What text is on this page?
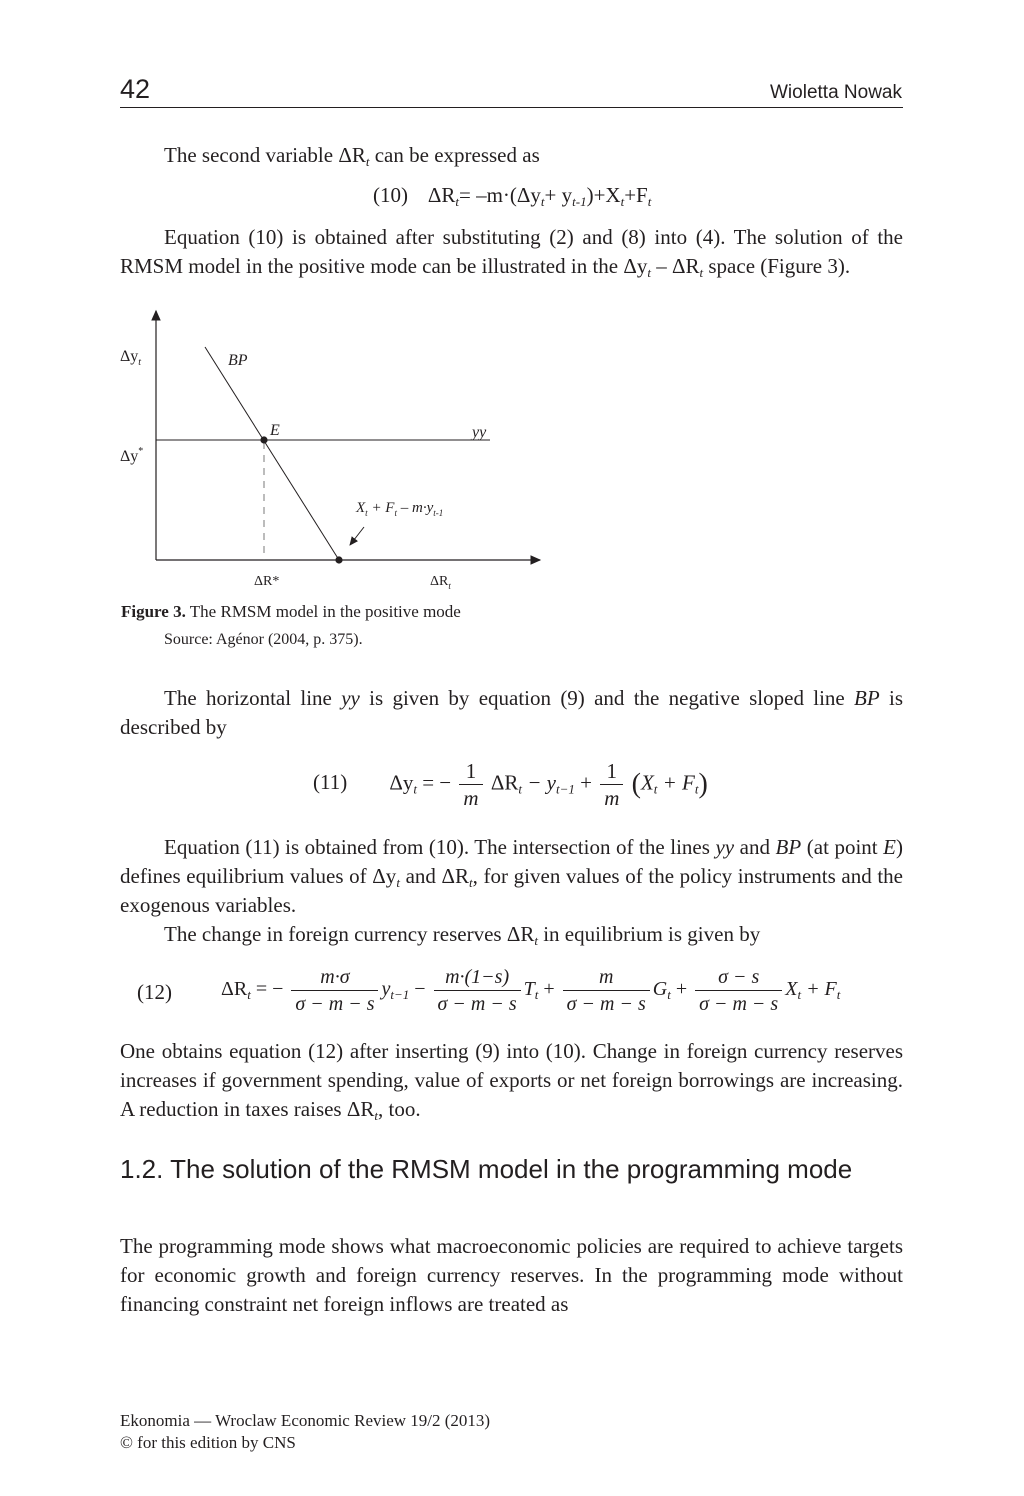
42	Wioletta Nowak
The second variable $\Delta R_t$ can be expressed as
(10) $\Delta R_t= -m\cdot(\Delta y_t+ y_{t-1})+X_t+F_t$
Equation (10) is obtained after substituting (2) and (8) into (4). The solution of the RMSM model in the positive mode can be illustrated in the $\Delta y_t - \Delta R_t$ space (Figure 3).
$\Delta y_t$
Δy*
BP
E	yy
$X_t + F_t - m\cdot y_{t-1}$
ΔR*	$\Delta R_t$
Figure 3. The RMSM model in the positive mode
Source: Agénor (2004, p. 375).
The horizontal line yy is given by equation (9) and the negative sloped line BP is described by
(11) $\Delta y_t$ = − $\frac{1}{m} \Delta R_t - y_{t-1} + \frac{1}{m} (X_t + F_t)$
Equation (11) is obtained from (10). The intersection of the lines yy and BP (at point E) defines equilibrium values of $\Delta y_t$ and $\Delta R_t$, for given values of the policy instruments and the exogenous variables.
The change in foreign currency reserves $\Delta R_t$ in equilibrium is given by
(12) $\Delta R_t$ = − $\frac{m\cdot\sigma}{\sigma - m - s} y_{t-1} - \frac{m\cdot(1-s)}{\sigma - m - s} T_t + \frac{m}{\sigma - m - s} G_t + \frac{\sigma - s}{\sigma - m - s} X_t + F_t$
One obtains equation (12) after inserting (9) into (10). Change in foreign currency reserves increases if government spending, value of exports or net foreign borrowings are increasing. A reduction in taxes raises $\Delta R_t$, too.
1.2. The solution of the RMSM model in the programming mode
The programming mode shows what macroeconomic policies are required to achieve targets for economic growth and foreign currency reserves. In the programming mode without financing constraint net foreign inflows are treated as
Ekonomia — Wroclaw Economic Review 19/2 (2013)
© for this edition by CNS
